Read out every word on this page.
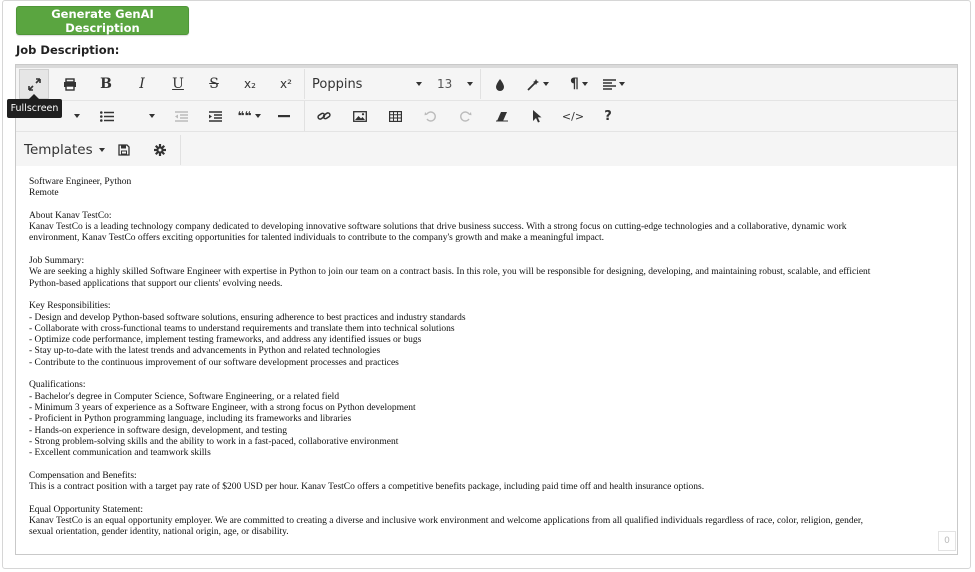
Generate GenAI Description
Job Description:
B	I	U	S	x₂	x²	Poppins	13	¶
❝❝	</>	?
Templates
Software Engineer, Python
Remote
About Kanav TestCo:
Kanav TestCo is a leading technology company dedicated to developing innovative software solutions that drive business success. With a strong focus on cutting-edge technologies and a collaborative, dynamic work
environment, Kanav TestCo offers exciting opportunities for talented individuals to contribute to the company's growth and make a meaningful impact.
Job Summary:
We are seeking a highly skilled Software Engineer with expertise in Python to join our team on a contract basis. In this role, you will be responsible for designing, developing, and maintaining robust, scalable, and efficient
Python-based applications that support our clients' evolving needs.
Key Responsibilities:
- Design and develop Python-based software solutions, ensuring adherence to best practices and industry standards
- Collaborate with cross-functional teams to understand requirements and translate them into technical solutions
- Optimize code performance, implement testing frameworks, and address any identified issues or bugs
- Stay up-to-date with the latest trends and advancements in Python and related technologies
- Contribute to the continuous improvement of our software development processes and practices
Qualifications:
- Bachelor's degree in Computer Science, Software Engineering, or a related field
- Minimum 3 years of experience as a Software Engineer, with a strong focus on Python development
- Proficient in Python programming language, including its frameworks and libraries
- Hands-on experience in software design, development, and testing
- Strong problem-solving skills and the ability to work in a fast-paced, collaborative environment
- Excellent communication and teamwork skills
Compensation and Benefits:
This is a contract position with a target pay rate of $200 USD per hour. Kanav TestCo offers a competitive benefits package, including paid time off and health insurance options.
Equal Opportunity Statement:
Kanav TestCo is an equal opportunity employer. We are committed to creating a diverse and inclusive work environment and welcome applications from all qualified individuals regardless of race, color, religion, gender,
sexual orientation, gender identity, national origin, age, or disability.
0
Fullscreen
